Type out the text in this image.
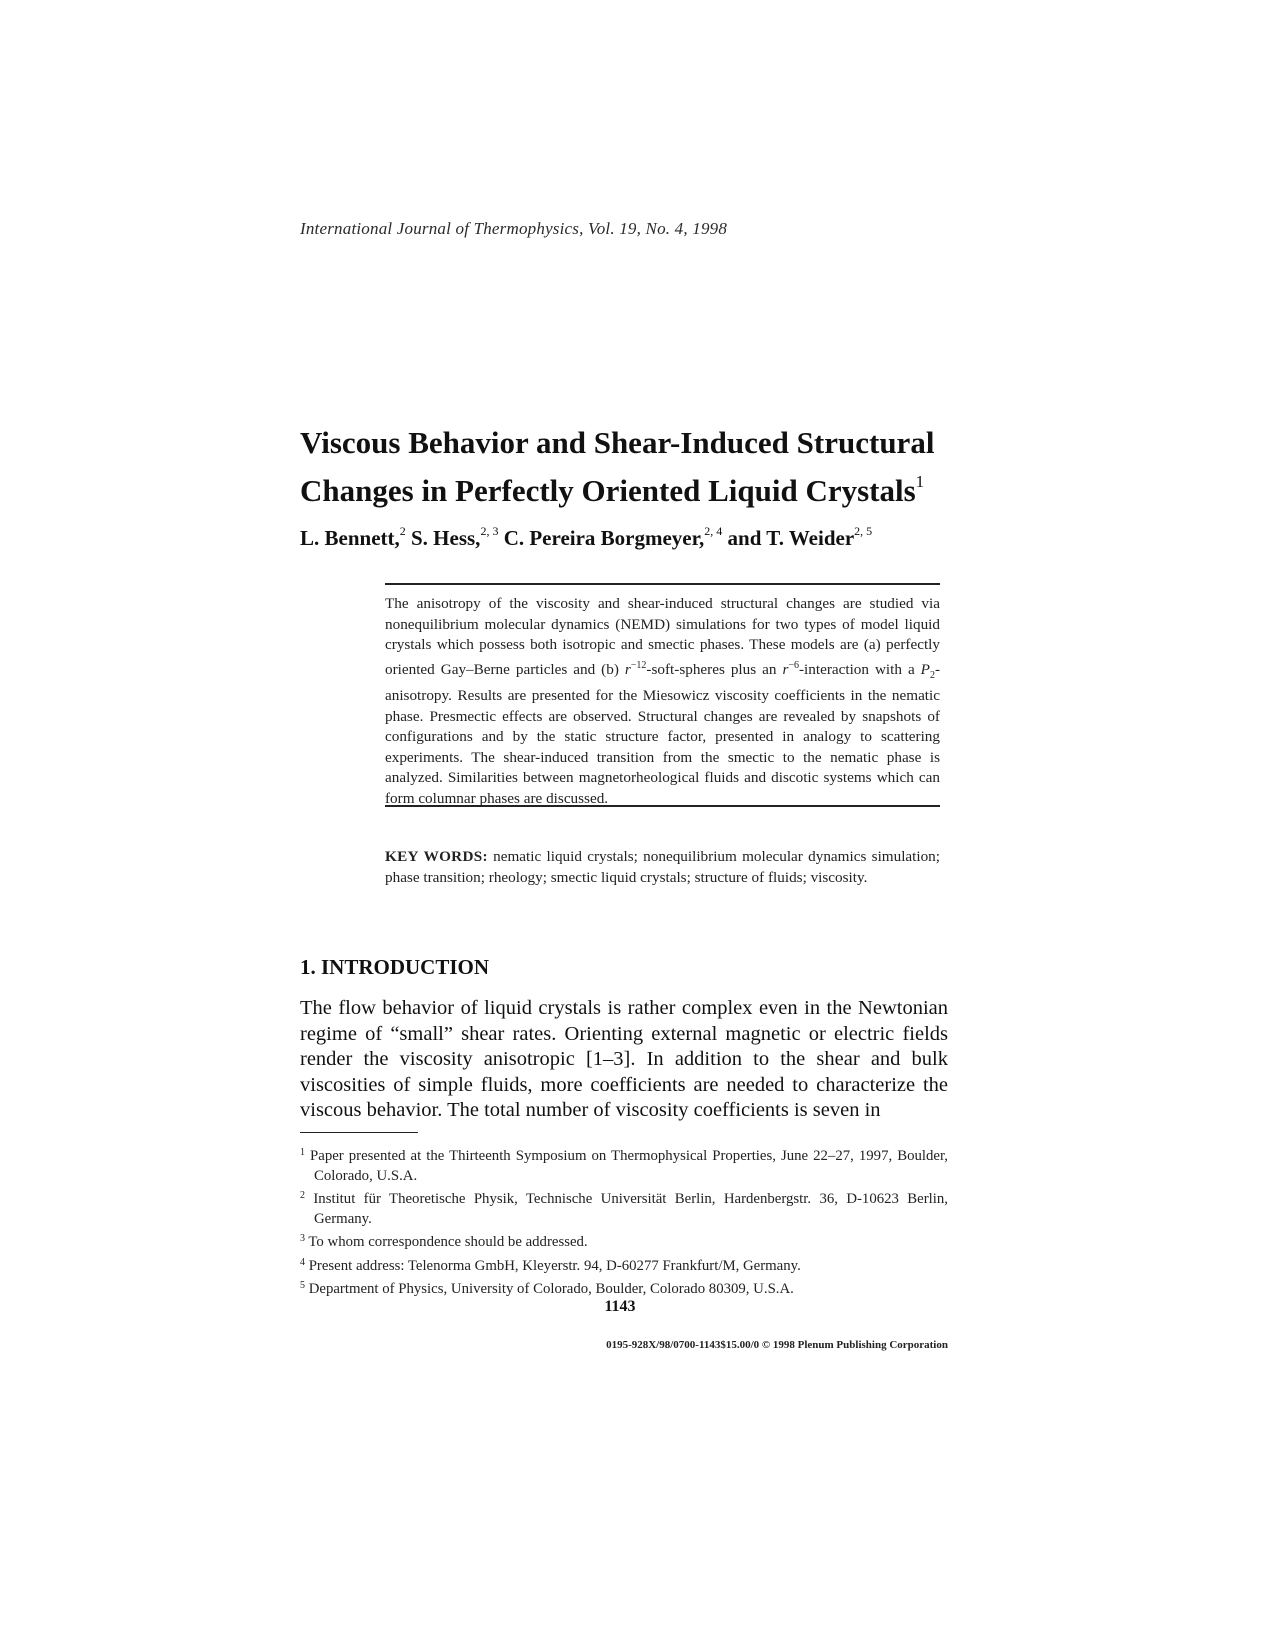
International Journal of Thermophysics, Vol. 19, No. 4, 1998
Viscous Behavior and Shear-Induced Structural
Changes in Perfectly Oriented Liquid Crystals$^1$
L. Bennett,$^2$ S. Hess,$^{2, 3}$ C. Pereira Borgmeyer,$^{2, 4}$ and T. Weider$^{2, 5}$
The anisotropy of the viscosity and shear-induced structural changes are studied via nonequilibrium molecular dynamics (NEMD) simulations for two types of model liquid crystals which possess both isotropic and smectic phases. These models are (a) perfectly oriented Gay–Berne particles and (b) $r^{-12}-soft$-spheres plus an $r^{-6}$-interaction with a $P_2$-anisotropy. Results are presented for the Miesowicz viscosity coefficients in the nematic phase. Presmectic effects are observed. Structural changes are revealed by snapshots of configurations and by the static structure factor, presented in analogy to scattering experiments. The shear-induced transition from the smectic to the nematic phase is analyzed. Similarities between magnetorheological fluids and discotic systems which can form columnar phases are discussed.
KEY WORDS: nematic liquid crystals; nonequilibrium molecular dynamics simulation; phase transition; rheology; smectic liquid crystals; structure of fluids; viscosity.
1. INTRODUCTION
The flow behavior of liquid crystals is rather complex even in the Newtonian regime of “small” shear rates. Orienting external magnetic or electric fields render the viscosity anisotropic [1–3]. In addition to the shear and bulk viscosities of simple fluids, more coefficients are needed to characterize the viscous behavior. The total number of viscosity coefficients is seven in
$^1$ Paper presented at the Thirteenth Symposium on Thermophysical Properties, June 22–27, 1997, Boulder, Colorado, U.S.A.
$^2$ Institut für Theoretische Physik, Technische Universität Berlin, Hardenbergstr. 36, D-10623 Berlin, Germany.
$^3$ To whom correspondence should be addressed.
$^4$ Present address: Telenorma GmbH, Kleyerstr. 94, D-60277 Frankfurt/M, Germany.
$^5$ Department of Physics, University of Colorado, Boulder, Colorado 80309, U.S.A.
1143
0195-928X/98/0700-1143$15.00/0 © 1998 Plenum Publishing Corporation
